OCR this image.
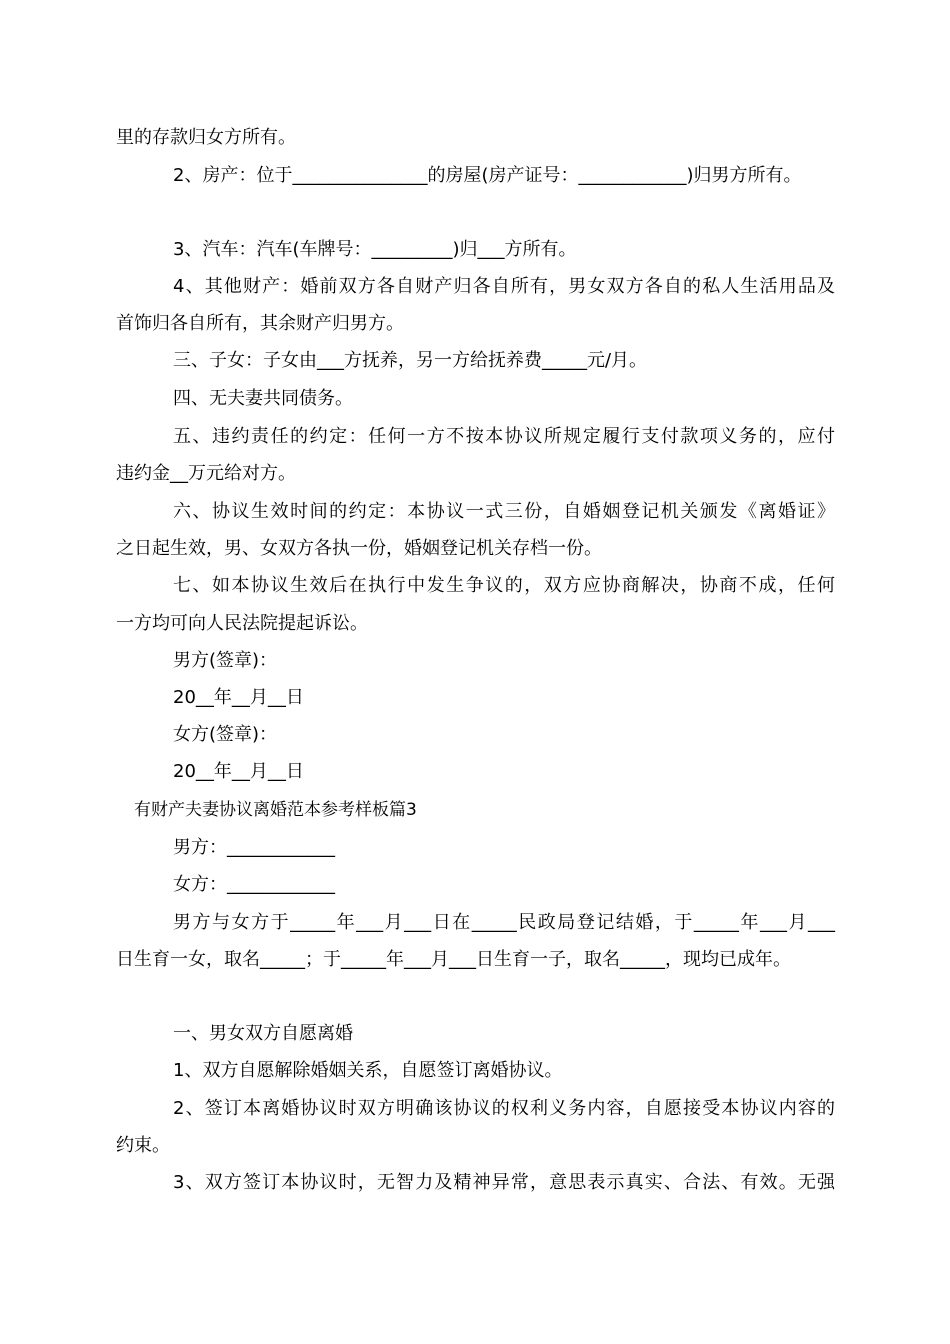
里的存款归女方所有。
2、房产：位于_______________的房屋(房产证号：____________)归男方所有。
3、汽车：汽车(车牌号：_________)归___方所有。
4、其他财产：婚前双方各自财产归各自所有，男女双方各自的私人生活用品及
首饰归各自所有，其余财产归男方。
三、子女：子女由___方抚养，另一方给抚养费_____元/月。
四、无夫妻共同债务。
五、违约责任的约定：任何一方不按本协议所规定履行支付款项义务的，应付
违约金__万元给对方。
六、协议生效时间的约定：本协议一式三份，自婚姻登记机关颁发《离婚证》
之日起生效，男、女双方各执一份，婚姻登记机关存档一份。
七、如本协议生效后在执行中发生争议的，双方应协商解决，协商不成，任何
一方均可向人民法院提起诉讼。
男方(签章)：
20__年__月__日
女方(签章)：
20__年__月__日
有财产夫妻协议离婚范本参考样板篇3
男方：____________
女方：____________
男方与女方于_____年___月___日在_____民政局登记结婚，于_____年___月___
日生育一女，取名_____；于_____年___月___日生育一子，取名_____，现均已成年。
一、男女双方自愿离婚
1、双方自愿解除婚姻关系，自愿签订离婚协议。
2、签订本离婚协议时双方明确该协议的权利义务内容，自愿接受本协议内容的
约束。
3、双方签订本协议时，无智力及精神异常，意思表示真实、合法、有效。无强
